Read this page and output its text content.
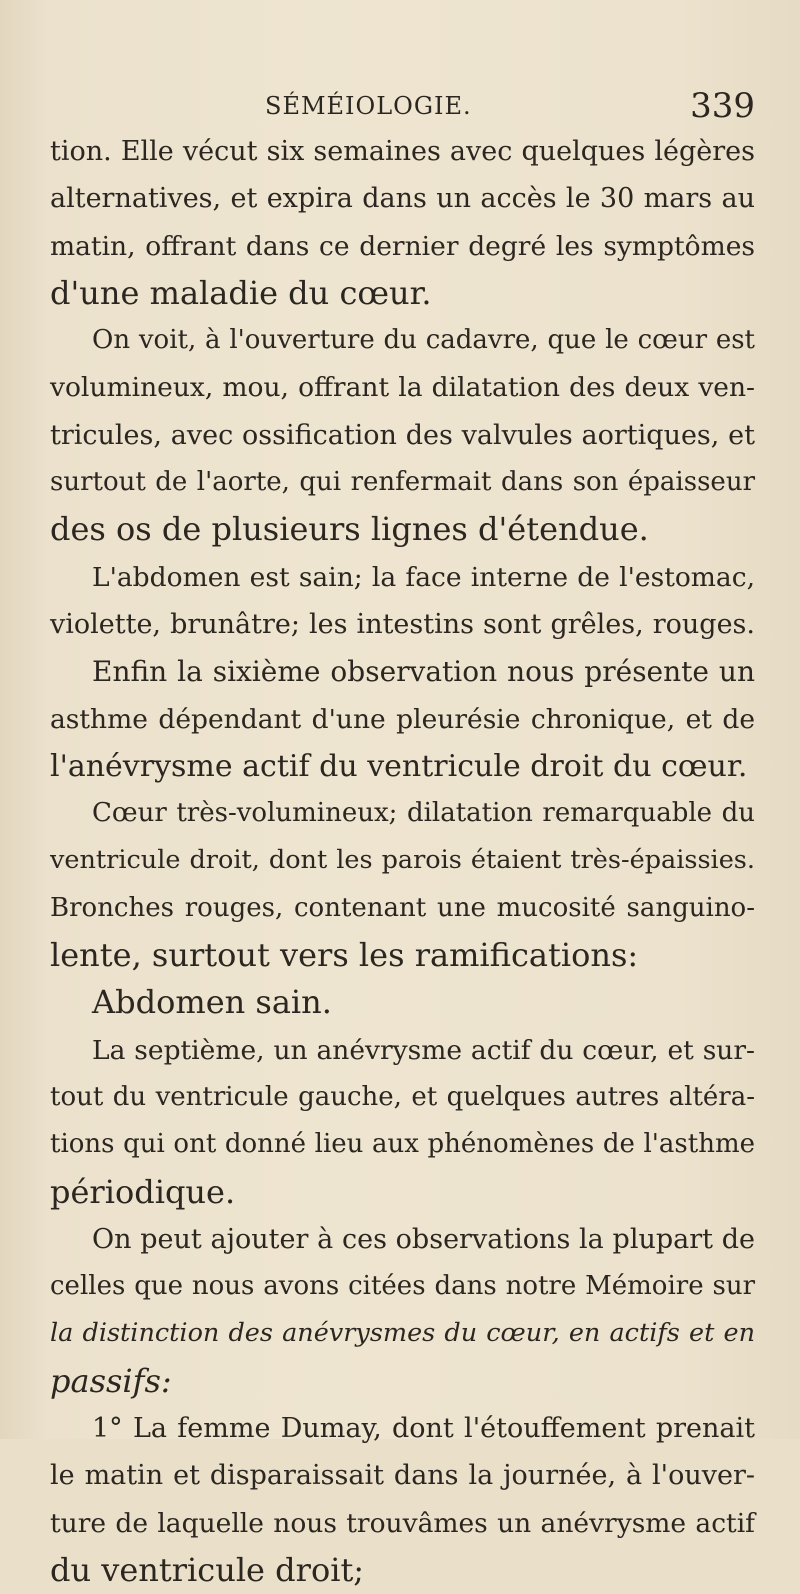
SÉMÉIOLOGIE.	339
tion. Elle vécut six semaines avec quelques légères
alternatives, et expira dans un accès le 30 mars au
matin, offrant dans ce dernier degré les symptômes
d'une maladie du cœur.
On voit, à l'ouverture du cadavre, que le cœur est
volumineux, mou, offrant la dilatation des deux ven-
tricules, avec ossification des valvules aortiques, et
surtout de l'aorte, qui renfermait dans son épaisseur
des os de plusieurs lignes d'étendue.
L'abdomen est sain; la face interne de l'estomac,
violette, brunâtre; les intestins sont grêles, rouges.
Enfin la sixième observation nous présente un
asthme dépendant d'une pleurésie chronique, et de
l'anévrysme actif du ventricule droit du cœur.
Cœur très-volumineux; dilatation remarquable du
ventricule droit, dont les parois étaient très-épaissies.
Bronches rouges, contenant une mucosité sanguino-
lente, surtout vers les ramifications:
Abdomen sain.
La septième, un anévrysme actif du cœur, et sur-
tout du ventricule gauche, et quelques autres altéra-
tions qui ont donné lieu aux phénomènes de l'asthme
périodique.
On peut ajouter à ces observations la plupart de
celles que nous avons citées dans notre Mémoire sur
la distinction des anévrysmes du cœur, en actifs et en
passifs:
1° La femme Dumay, dont l'étouffement prenait
le matin et disparaissait dans la journée, à l'ouver-
ture de laquelle nous trouvâmes un anévrysme actif
du ventricule droit;
